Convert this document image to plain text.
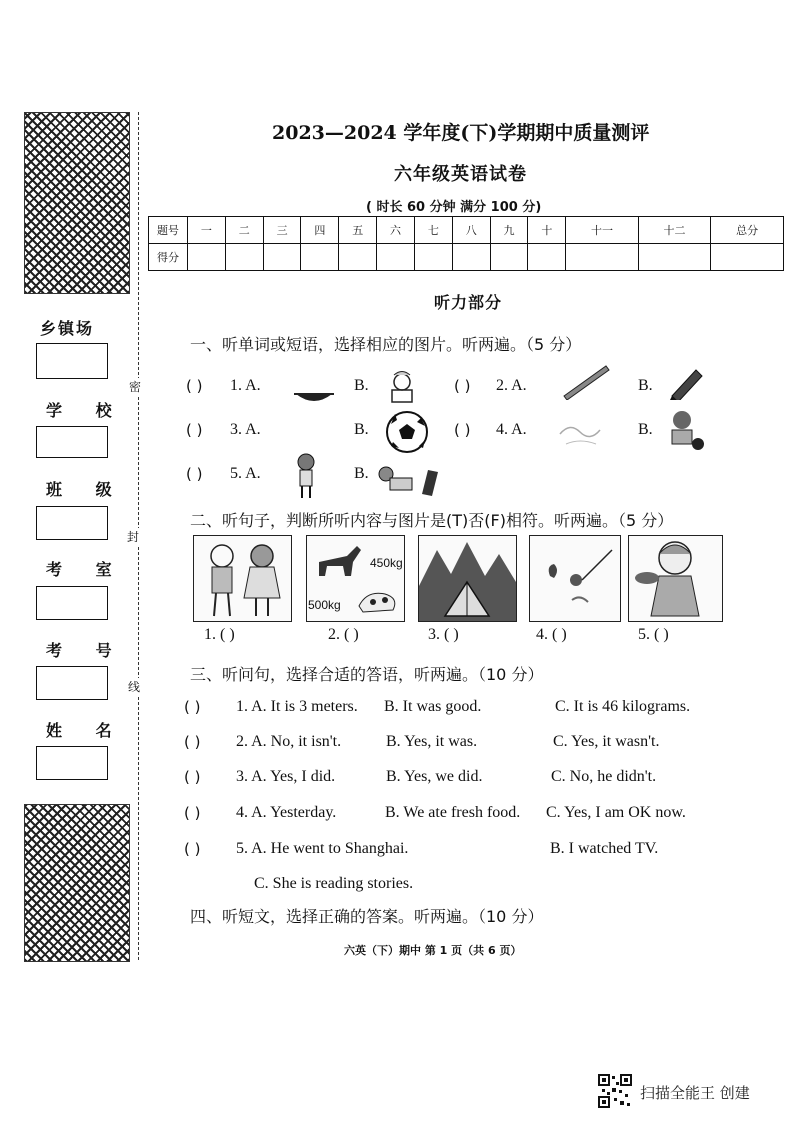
乡镇场
学 校
班 级
考 室
考 号
姓 名
密
封
线
2023—2024 学年度(下)学期期中质量测评
六年级英语试卷
( 时长 60 分钟 满分 100 分)
题号	一	二	三	四	五	六	七	八	九	十	十一	十二	总分
得分													
听力部分
一、听单词或短语，选择相应的图片。听两遍。（5 分）
( ) 1. A.	B.	( ) 2. A.	B.
( ) 3. A.	B.	( ) 4. A.	B.
( ) 5. A.	B.
二、听句子，判断所听内容与图片是(T)否(F)相符。听两遍。（5 分）
450kg
500kg
1. ( )	2. ( )	3. ( )	4. ( )	5. ( )
三、听问句，选择合适的答语，听两遍。（10 分）
( ) 1. A. It is 3 meters. B. It was good.	C. It is 46 kilograms.
( ) 2. A. No, it isn't.	B. Yes, it was.	C. Yes, it wasn't.
( ) 3. A. Yes, I did.	B. Yes, we did.	C. No, he didn't.
( ) 4. A. Yesterday.	B. We ate fresh food. C. Yes, I am OK now.
( ) 5. A. He went to Shanghai.	B. I watched TV.
C. She is reading stories.
四、听短文，选择正确的答案。听两遍。（10 分）
六英（下）期中 第 1 页（共 6 页）
扫描全能王 创建
